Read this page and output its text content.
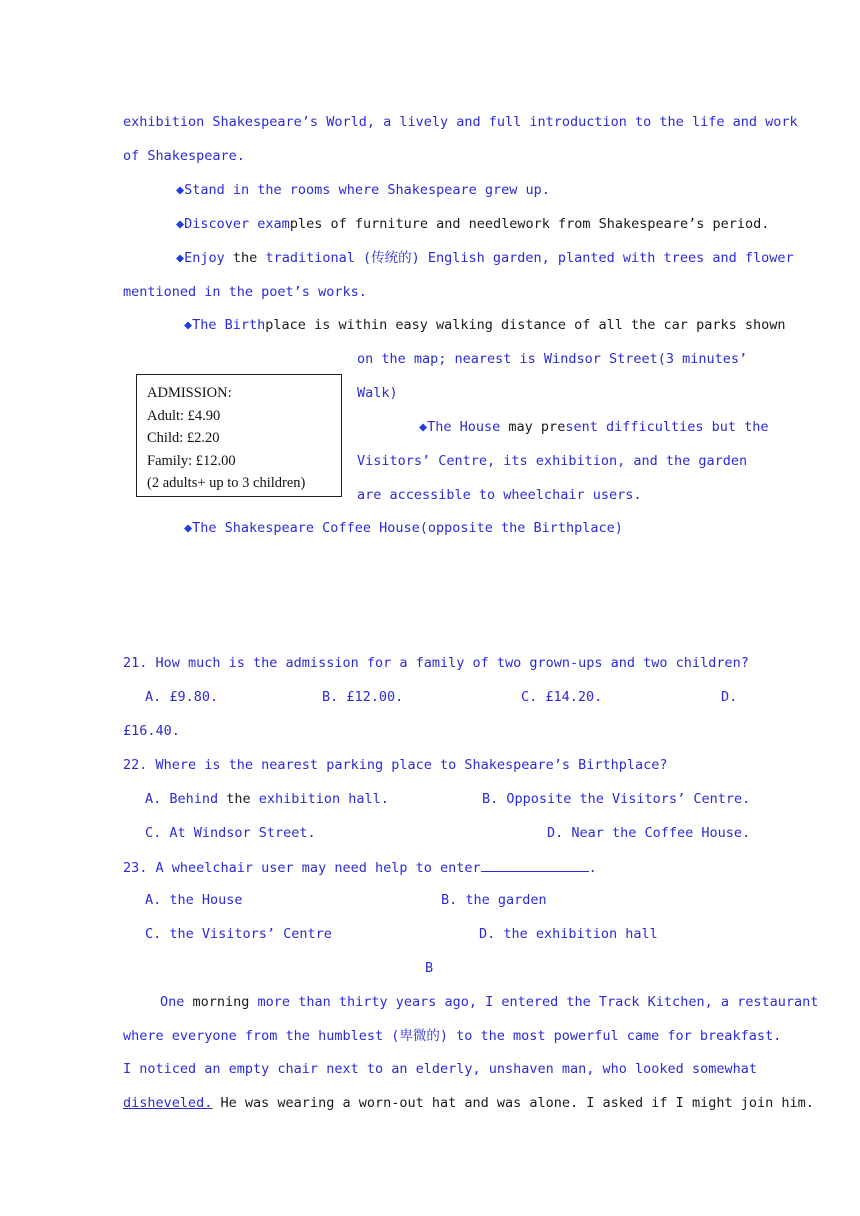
exhibition Shakespeare’s World, a lively and full introduction to the life and work
of Shakespeare.
◆Stand in the rooms where Shakespeare grew up.
◆Discover examples of furniture and needlework from Shakespeare’s period.
◆Enjoy the traditional (传统的) English garden, planted with trees and flower
mentioned in the poet’s works.
◆The Birthplace is within easy walking distance of all the car parks shown
on the map; nearest is Windsor Street(3 minutes’
Walk)
ADMISSION:
Adult: £4.90
Child: £2.20
Family: £12.00
(2 adults+ up to 3 children)
◆The House may present difficulties but the
Visitors’ Centre, its exhibition, and the garden
are accessible to wheelchair users.
◆The Shakespeare Coffee House(opposite the Birthplace)
21. How much is the admission for a family of two grown-ups and two children?
A. £9.80.	B. £12.00.	C. £14.20.	D.
£16.40.
22. Where is the nearest parking place to Shakespeare’s Birthplace?
A. Behind the exhibition hall.	B. Opposite the Visitors’ Centre.
C. At Windsor Street.	D. Near the Coffee House.
23. A wheelchair user may need help to enter	.
A. the House	B. the garden
C. the Visitors’ Centre	D. the exhibition hall
B
One morning more than thirty years ago, I entered the Track Kitchen, a restaurant
where everyone from the humblest (卑微的) to the most powerful came for breakfast.
I noticed an empty chair next to an elderly, unshaven man, who looked somewhat
disheveled. He was wearing a worn-out hat and was alone. I asked if I might join him.
